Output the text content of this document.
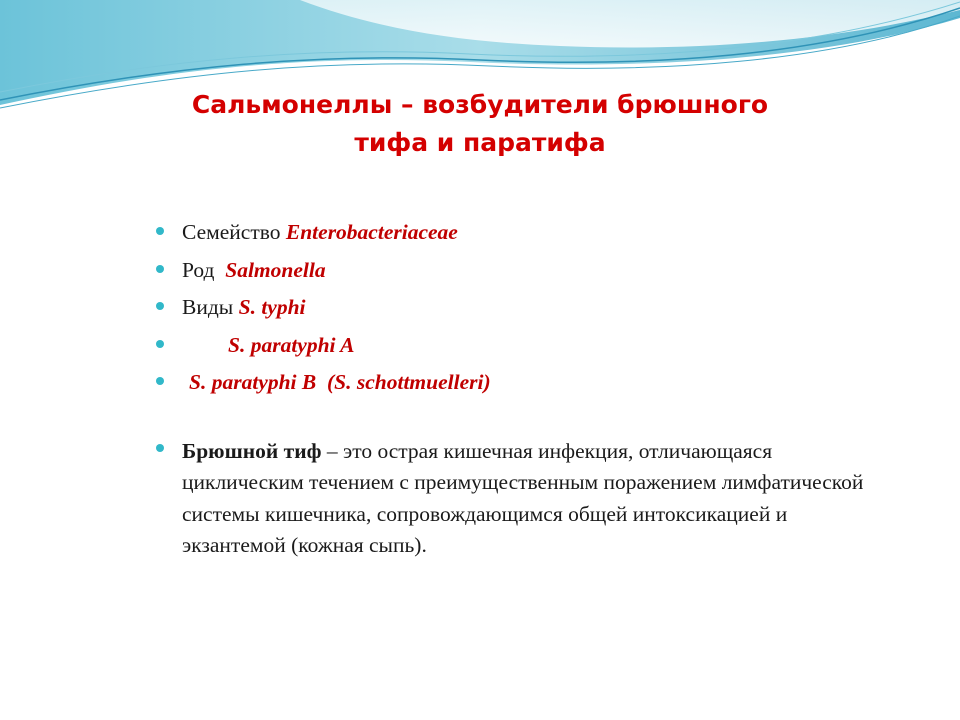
Сальмонеллы – возбудители брюшного
тифа и паратифа
Семейство Enterobacteriaceae
Род  Salmonella
Виды S. typhi
S. paratyphi A
S. paratyphi B  (S. schottmuelleri)
Брюшной тиф – это острая кишечная инфекция, отличающаяся циклическим течением с преимущественным поражением лимфатической системы кишечника, сопровождающимся общей интоксикацией и экзантемой (кожная сыпь).
